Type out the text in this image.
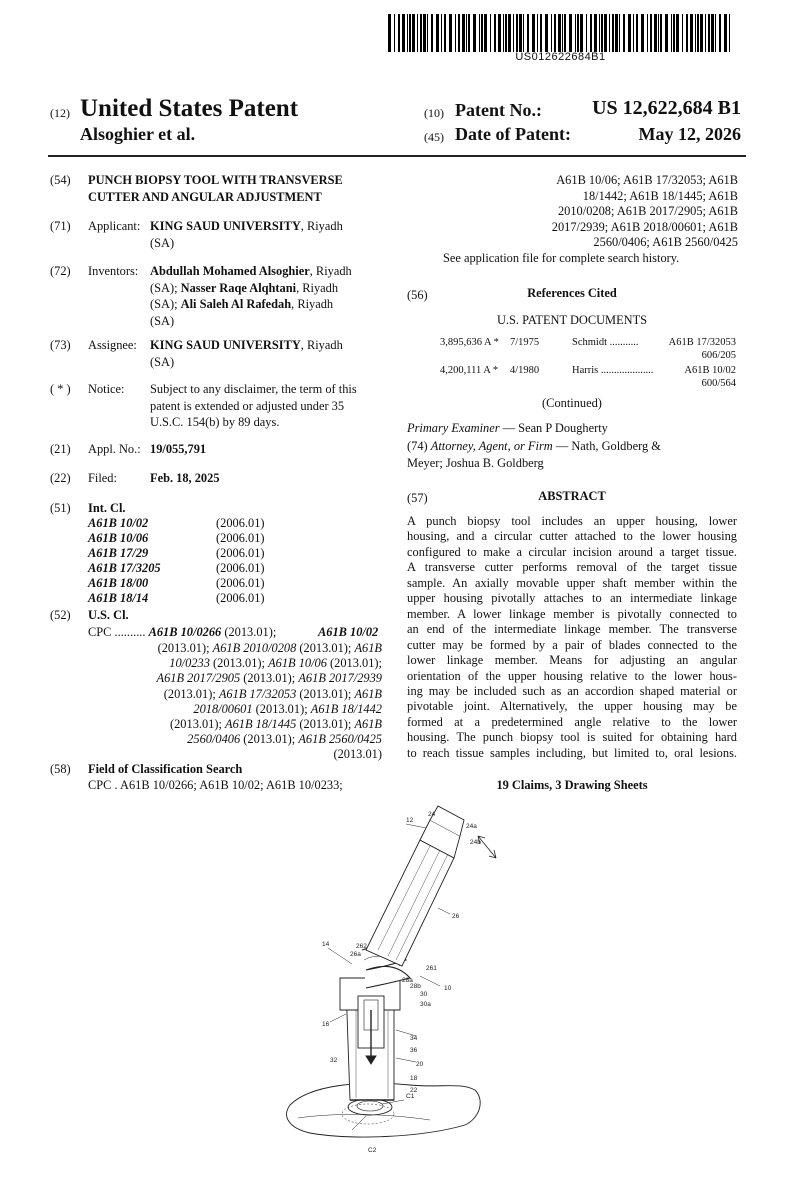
US012622684B1
(12) United States Patent
Alsoghier et al.
(10) Patent No.:	US 12,622,684 B1
(45) Date of Patent:	May 12, 2026
(54) PUNCH BIOPSY TOOL WITH TRANSVERSE
CUTTER AND ANGULAR ADJUSTMENT
(71) Applicant: KING SAUD UNIVERSITY, Riyadh
(SA)
(72) Inventors: Abdullah Mohamed Alsoghier, Riyadh
(SA); Nasser Raqe Alqhtani, Riyadh
(SA); Ali Saleh Al Rafedah, Riyadh
(SA)
(73) Assignee: KING SAUD UNIVERSITY, Riyadh
(SA)
( * ) Notice: Subject to any disclaimer, the term of this
patent is extended or adjusted under 35
U.S.C. 154(b) by 89 days.
(21) Appl. No.: 19/055,791
(22) Filed:	Feb. 18, 2025
(51) Int. Cl.
A61B 10/02	(2006.01)
A61B 10/06	(2006.01)
A61B 17/29	(2006.01)
A61B 17/3205	(2006.01)
A61B 18/00	(2006.01)
A61B 18/14	(2006.01)
(52) U.S. Cl.
CPC .......... A61B 10/0266 (2013.01);	A61B 10/02
(2013.01); A61B 2010/0208 (2013.01); A61B
10/0233 (2013.01); A61B 10/06 (2013.01);
A61B 2017/2905 (2013.01); A61B 2017/2939
(2013.01); A61B 17/32053 (2013.01); A61B
2018/00601 (2013.01); A61B 18/1442
(2013.01); A61B 18/1445 (2013.01); A61B
2560/0406 (2013.01); A61B 2560/0425
(2013.01)
(58) Field of Classification Search
CPC . A61B 10/0266; A61B 10/02; A61B 10/0233;
A61B 10/06; A61B 17/32053; A61B
18/1442; A61B 18/1445; A61B
2010/0208; A61B 2017/2905; A61B
2017/2939; A61B 2018/00601; A61B
2560/0406; A61B 2560/0425
See application file for complete search history.
(56)	References Cited
U.S. PATENT DOCUMENTS
3,895,636 A * 7/1975	Schmidt ...........	A61B 17/32053
606/205
4,200,111 A * 4/1980	Harris ....................	A61B 10/02
600/564
(Continued)
Primary Examiner — Sean P Dougherty
(74) Attorney, Agent, or Firm — Nath, Goldberg &
Meyer; Joshua B. Goldberg
(57)	ABSTRACT
A punch biopsy tool includes an upper housing, lower
housing, and a circular cutter attached to the lower housing
configured to make a circular incision around a target tissue.
A transverse cutter performs removal of the target tissue
sample. An axially movable upper shaft member within the
upper housing pivotally attaches to an intermediate linkage
member. A lower linkage member is pivotally connected to
an end of the intermediate linkage member. The transverse
cutter may be formed by a pair of blades connected to the
lower linkage member. Means for adjusting an angular
orientation of the upper housing relative to the lower hous-
ing may be included such as an accordion shaped material or
pivotable joint. Alternatively, the upper housing may be
formed at a predetermined angle relative to the lower
housing. The punch biopsy tool is suited for obtaining hard
to reach tissue samples including, but limited to, oral lesions.
19 Claims, 3 Drawing Sheets
12
24
24a
24b
26
14
26a
262
261
28a
28b
30
30a
10
16
32
34
36
20
18
22
C1
C2
